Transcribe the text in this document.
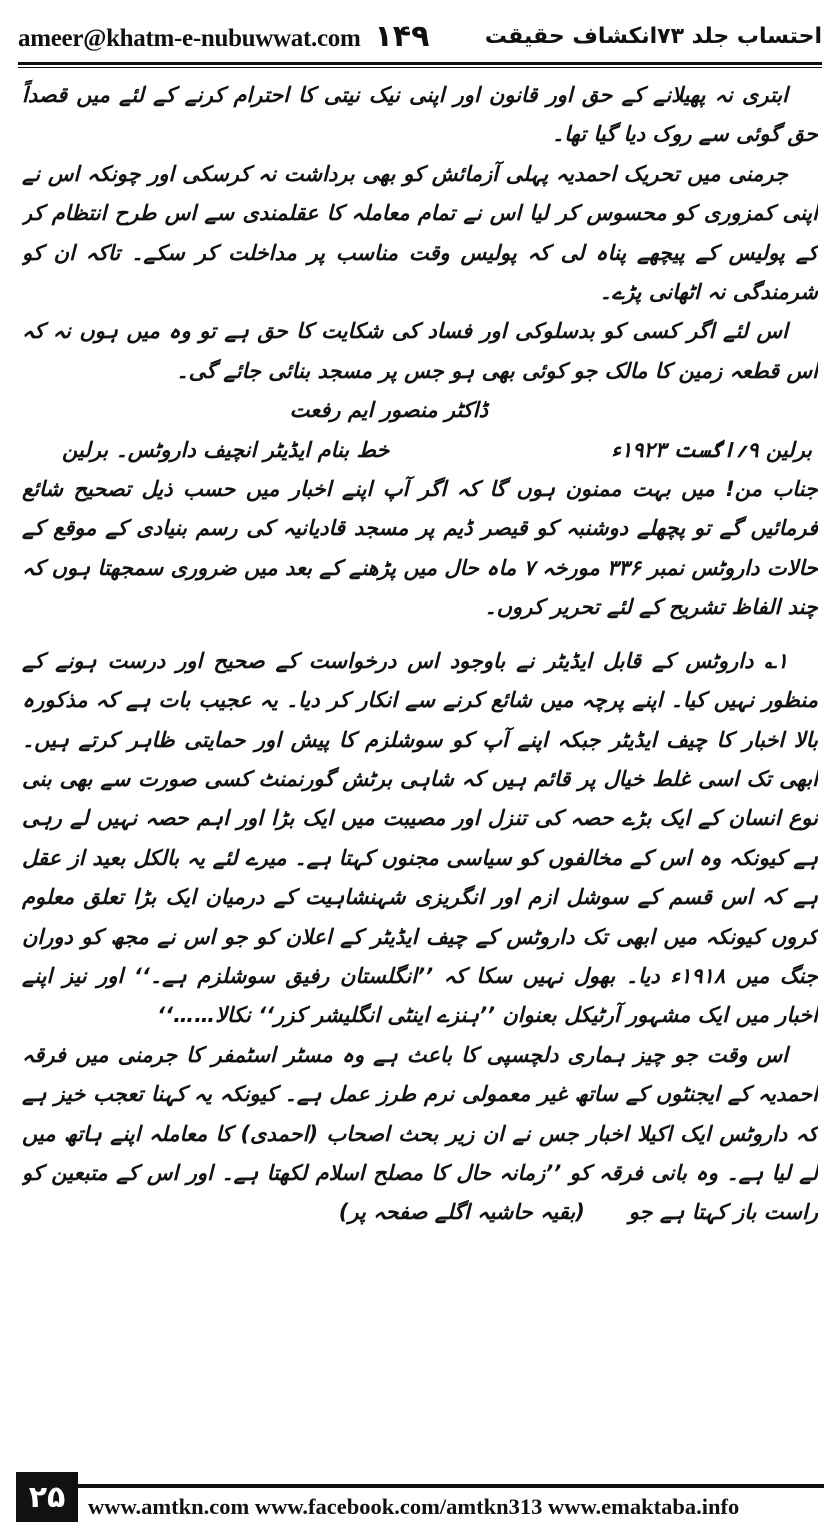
ameer@khatm-e-nubuwwat.com ۱۴۹	احتساب جلد ۷۳انکشاف حقیقت

ابتری نہ پھیلانے کے حق اور قانون اور اپنی نیک نیتی کا احترام کرنے کے لئے میں قصداً حق گوئی سے روک دیا گیا تھا۔

جرمنی میں تحریک احمدیہ پہلی آزمائش کو بھی برداشت نہ کرسکی اور چونکہ اس نے اپنی کمزوری کو محسوس کر لیا اس نے تمام معاملہ کا عقلمندی سے اس طرح انتظام کر کے پولیس کے پیچھے پناہ لی کہ پولیس وقت مناسب پر مداخلت کر سکے۔ تاکہ ان کو شرمندگی نہ اٹھانی پڑے۔

اس لئے اگر کسی کو بدسلوکی اور فساد کی شکایت کا حق ہے تو وہ میں ہوں نہ کہ اس قطعہ زمین کا مالک جو کوئی بھی ہو جس پر مسجد بنائی جائے گی۔

ڈاکٹر منصور ایم رفعت

برلین ۹؍اگست ۱۹۲۳ء
خط بنام ایڈیٹر انچیف داروٹس۔ برلین

جناب من! میں بہت ممنون ہوں گا کہ اگر آپ اپنے اخبار میں حسب ذیل تصحیح شائع فرمائیں گے تو پچھلے دوشنبہ کو قیصر ڈیم پر مسجد قادیانیہ کی رسم بنیادی کے موقع کے حالات داروٹس نمبر ۳۳۶ مورخہ ۷ ماہ حال میں پڑھنے کے بعد میں ضروری سمجھتا ہوں کہ چند الفاظ تشریح کے لئے تحریر کروں۔

۱؎ داروٹس کے قابل ایڈیٹر نے باوجود اس درخواست کے صحیح اور درست ہونے کے منظور نہیں کیا۔ اپنے پرچہ میں شائع کرنے سے انکار کر دیا۔ یہ عجیب بات ہے کہ مذکورہ بالا اخبار کا چیف ایڈیٹر جبکہ اپنے آپ کو سوشلزم کا پیش اور حمایتی ظاہر کرتے ہیں۔ ابھی تک اسی غلط خیال پر قائم ہیں کہ شاہی برٹش گورنمنٹ کسی صورت سے بھی بنی نوع انسان کے ایک بڑے حصہ کی تنزل اور مصیبت میں ایک بڑا اور اہم حصہ نہیں لے رہی ہے کیونکہ وہ اس کے مخالفوں کو سیاسی مجنوں کہتا ہے۔ میرے لئے یہ بالکل بعید از عقل ہے کہ اس قسم کے سوشل ازم اور انگریزی شہنشاہیت کے درمیان ایک بڑا تعلق معلوم کروں کیونکہ میں ابھی تک داروٹس کے چیف ایڈیٹر کے اعلان کو جو اس نے مجھ کو دوران جنگ میں ۱۹۱۸ء دیا۔ بھول نہیں سکا کہ ’’انگلستان رفیق سوشلزم ہے۔‘‘ اور نیز اپنے اخبار میں ایک مشہور آرٹیکل بعنوان ’’ہنزے اینٹی انگلیشر کزر‘‘ نکالا……‘‘

اس وقت جو چیز ہماری دلچسپی کا باعث ہے وہ مسٹر اسٹمفر کا جرمنی میں فرقہ احمدیہ کے ایجنٹوں کے ساتھ غیر معمولی نرم طرز عمل ہے۔ کیونکہ یہ کہنا تعجب خیز ہے کہ داروٹس ایک اکیلا اخبار جس نے ان زیر بحث اصحاب (احمدی) کا معاملہ اپنے ہاتھ میں لے لیا ہے۔ وہ بانی فرقہ کو ’’زمانہ حال کا مصلح اسلام لکھتا ہے۔ اور اس کے متبعین کو راست باز کہتا ہے جو      (بقیہ حاشیہ اگلے صفحہ پر)

۲۵	www.amtkn.com www.facebook.com/amtkn313 www.emaktaba.info
